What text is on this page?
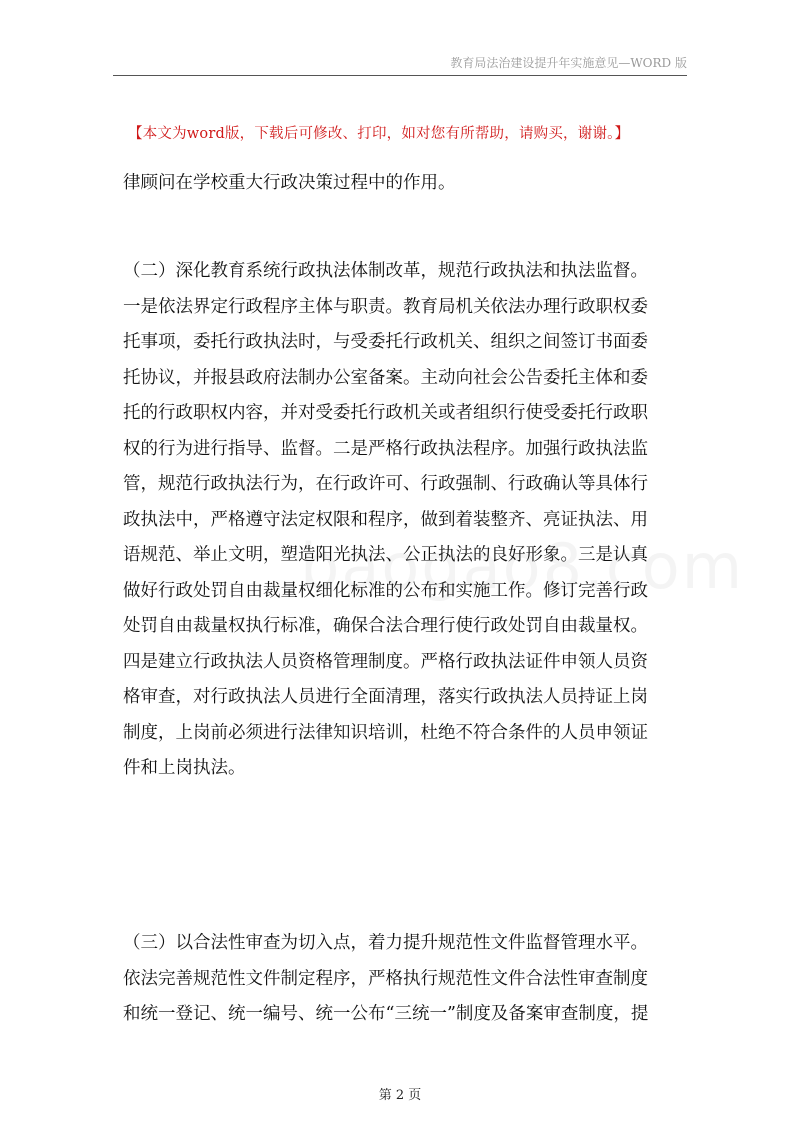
教育局法治建设提升年实施意见—WORD 版
【本文为word版，下载后可修改、打印，如对您有所帮助，请购买，谢谢。】
律顾问在学校重大行政决策过程中的作用。
（二）深化教育系统行政执法体制改革，规范行政执法和执法监督。
一是依法界定行政程序主体与职责。教育局机关依法办理行政职权委
托事项，委托行政执法时，与受委托行政机关、组织之间签订书面委
托协议，并报县政府法制办公室备案。主动向社会公告委托主体和委
托的行政职权内容，并对受委托行政机关或者组织行使受委托行政职
权的行为进行指导、监督。二是严格行政执法程序。加强行政执法监
管，规范行政执法行为，在行政许可、行政强制、行政确认等具体行
政执法中，严格遵守法定权限和程序，做到着装整齐、亮证执法、用
语规范、举止文明，塑造阳光执法、公正执法的良好形象。三是认真
做好行政处罚自由裁量权细化标准的公布和实施工作。修订完善行政
处罚自由裁量权执行标准，确保合法合理行使行政处罚自由裁量权。
四是建立行政执法人员资格管理制度。严格行政执法证件申领人员资
格审查，对行政执法人员进行全面清理，落实行政执法人员持证上岗
制度，上岗前必须进行法律知识培训，杜绝不符合条件的人员申领证
件和上岗执法。
（三）以合法性审查为切入点，着力提升规范性文件监督管理水平。
依法完善规范性文件制定程序，严格执行规范性文件合法性审查制度
和统一登记、统一编号、统一公布“三统一”制度及备案审查制度，提
第 2 页
